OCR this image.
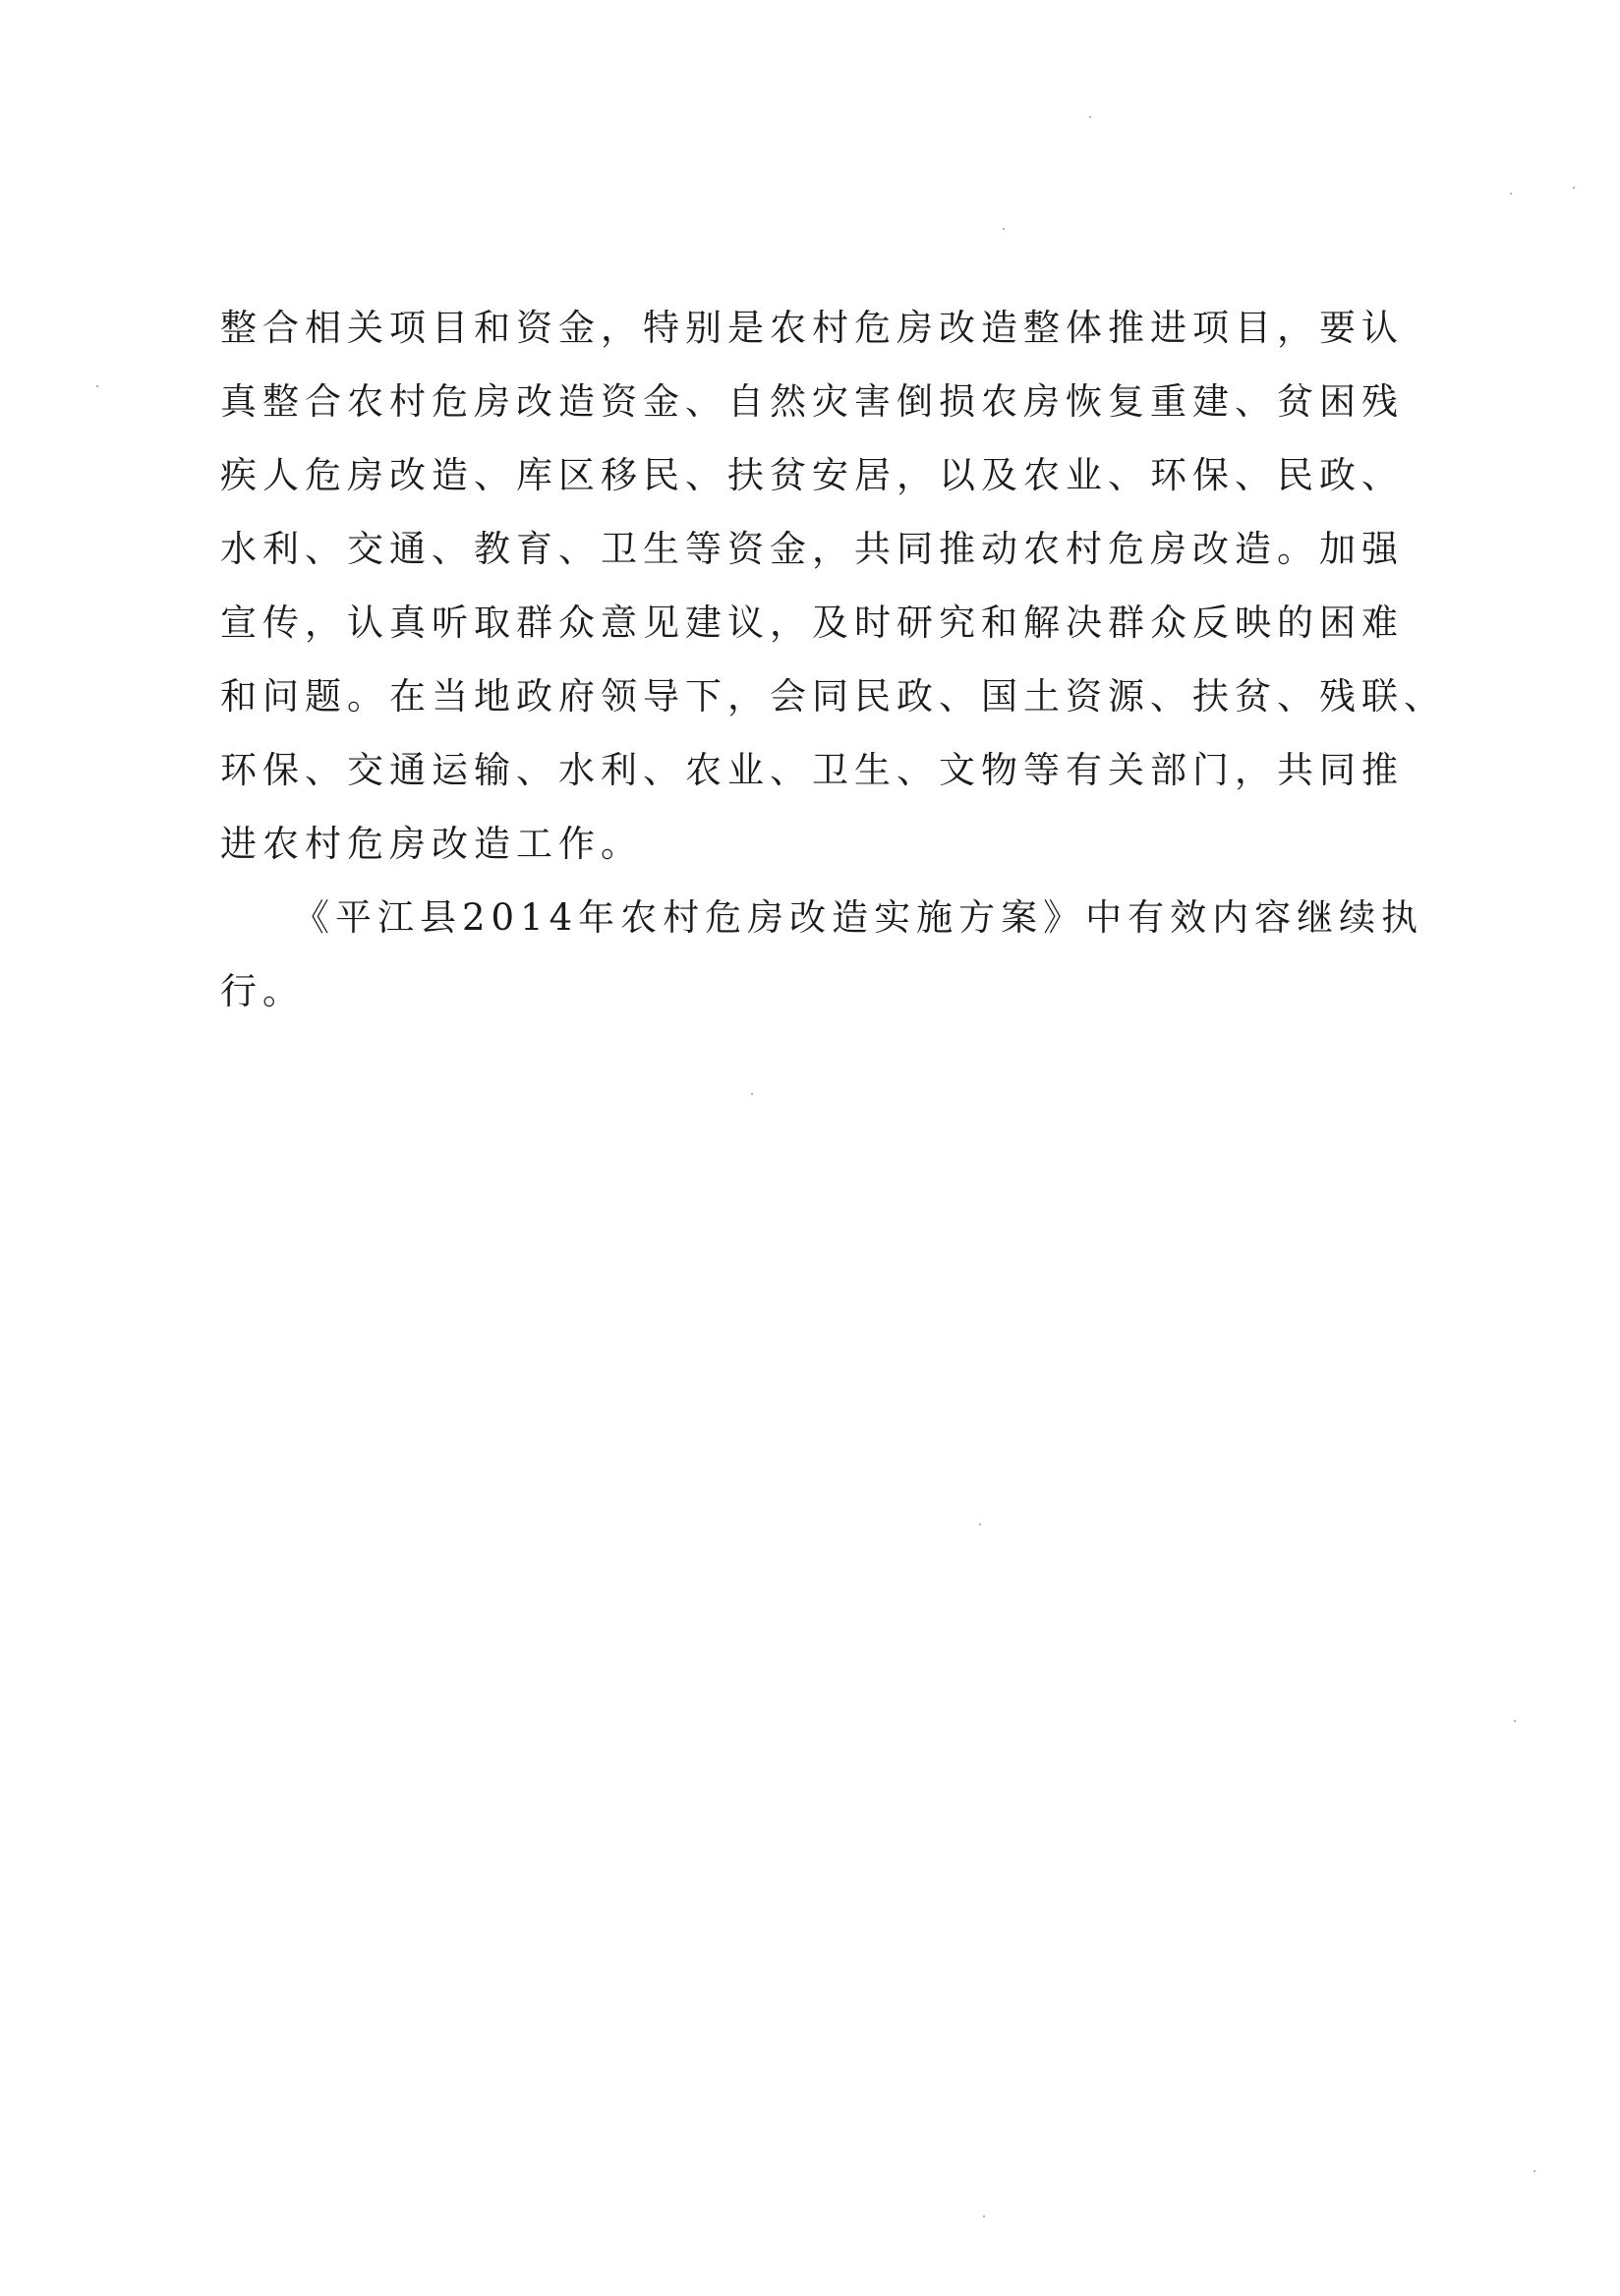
整合相关项目和资金，特别是农村危房改造整体推进项目，要认

真整合农村危房改造资金、自然灾害倒损农房恢复重建、贫困残

疾人危房改造、库区移民、扶贫安居，以及农业、环保、民政、

水利、交通、教育、卫生等资金，共同推动农村危房改造。加强

宣传，认真听取群众意见建议，及时研究和解决群众反映的困难

和问题。在当地政府领导下，会同民政、国土资源、扶贫、残联、

环保、交通运输、水利、农业、卫生、文物等有关部门，共同推

进农村危房改造工作。

《平江县2014年农村危房改造实施方案》中有效内容继续执

行。
